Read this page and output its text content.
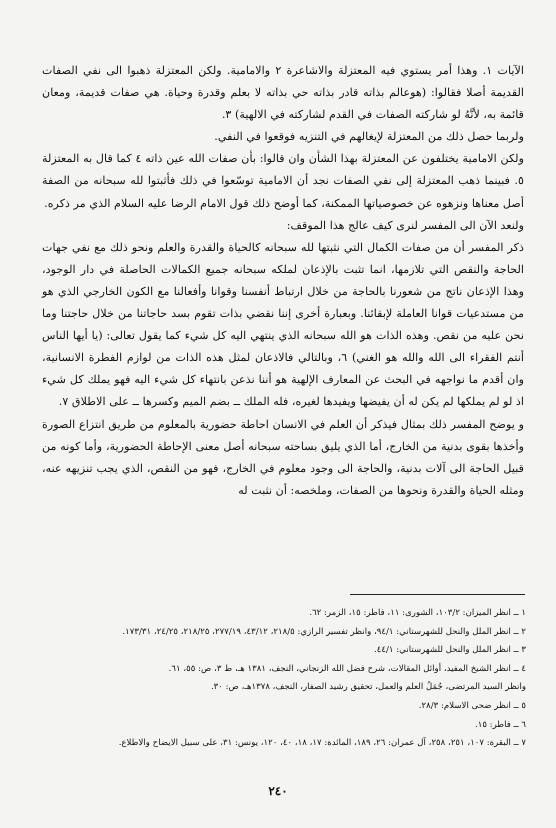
الآيات ١. وهذا أمر يستوي فيه المعتزلة والاشاعرة ٢ والامامية. ولكن المعتزلة ذهبوا الى نفي الصفات القديمة أصلا فقالوا: (هوعالم بذاته قادر بذاته حي بذاته لا بعلم وقدرة وحياة. هي صفات قديمة، ومعان قائمة به، لأنَّهُ لو شاركته الصفات في القدم لشاركته في الالهية) ٣.

ولربما حصل ذلك من المعتزلة لإيغالهم في التنزيه فوقعوا في النفي.

ولكن الامامية يختلفون عن المعتزلة بهذا الشأن وان قالوا: بأن صفات الله عين ذاته ٤ كما قال به المعتزلة ٥. فبينما ذهب المعتزلة إلى نفي الصفات نجد أن الامامية توسّعوا في ذلك فأثبتوا لله سبحانه من الصفة أصل معناها ونزهوه عن خصوصياتها الممكنة، كما أوضح ذلك قول الامام الرضا عليه السلام الذي مر ذكره.

ولنعد الآن الى المفسر لنرى كيف عالج هذا الموقف:

ذكر المفسر أن من صفات الكمال التي نثبتها لله سبحانه كالحياة والقدرة والعلم ونحو ذلك مع نفي جهات الحاجة والنقص التي تلازمها، انما تثبت بالإذعان لملكه سبحانه جميع الكمالات الحاصلة في دار الوجود، وهذا الإذعان ناتج من شعورنا بالحاجة من خلال ارتباط أنفسنا وقوانا وأفعالنا مع الكون الخارجي الذي هو من مستدعيات قوانا العاملة لإبقائنا. وبعبارة أخرى إننا نقضي بذات تقوم بسد حاجاتنا من خلال حاجتنا وما نحن عليه من نقص. وهذه الذات هو الله سبحانه الذي ينتهي اليه كل شيء كما يقول تعالى: (يا أيها الناس أنتم الفقراء الى الله والله هو الغني) ٦، وبالتالي فالاذعان لمثل هذه الذات من لوازم الفطرة الانسانية، وان أقدم ما نواجهه في البحث عن المعارف الإلهية هو أننا نذعن بانتهاء كل شيء اليه فهو يملك كل شيء اذ لو لم يملكها لم يكن له أن يفيضها ويفيدها لغيره، فله الملك ــ بضم الميم وكسرها ــ على الاطلاق ٧.

و يوضح المفسر ذلك بمثال فيذكر أن العلم في الانسان احاطة حضورية بالمعلوم من طريق انتزاع الصورة وأخذها بقوى بدنية من الخارج، أما الذي يليق بساحته سبحانه أصل معنى الإحاطة الحضورية، وأما كونه من قبيل الحاجة الى آلات بدنية، والحاجة الى وجود معلوم في الخارج، فهو من النقص، الذي يجب تنزيهه عنه، ومثله الحياة والقدرة ونحوها من الصفات، وملخصه: أن نثبت له

١ ــ انظر الميزان: ١٠٣/٢، الشورى: ١١، فاطر: ١٥، الزمر: ٦٢.

٢ ــ انظر الملل والنحل للشهرستاني: ٩٤/١، وانظر تفسير الرازي: ٢١٨/٥، ٤٣/١٢، ٢٧٧/١٩، ٢١٨/٢٥، ٢٤/٢٥، ١٧٣/٣١.

٣ ــ انظر الملل والنحل للشهرستاني: ٤٤/١.

٤ ــ انظر الشيخ المفيد، أوائل المقالات، شرح فضل الله الزنجاني، النجف، ١٣٨١ هـ، ط ٣، ص: ٥٥، ٦١.

وانظر السيد المرتضى، جُمَلُ العلم والعمل، تحقيق رشيد الصفار، النجف، ١٣٧٨هـ، ص: ٣٠.

٥ ــ انظر ضحى الاسلام: ٢٨/٣.

٦ ــ فاطر: ١٥.

٧ ــ البقرة: ١٠٧، ٢٥١، ٢٥٨، آل عمران: ٢٦، ١٨٩، المائدة: ١٧، ١٨، ٤٠، ١٢٠، يونس: ٣١، على سبيل الايضاح والاطلاع.

٢٤٠
